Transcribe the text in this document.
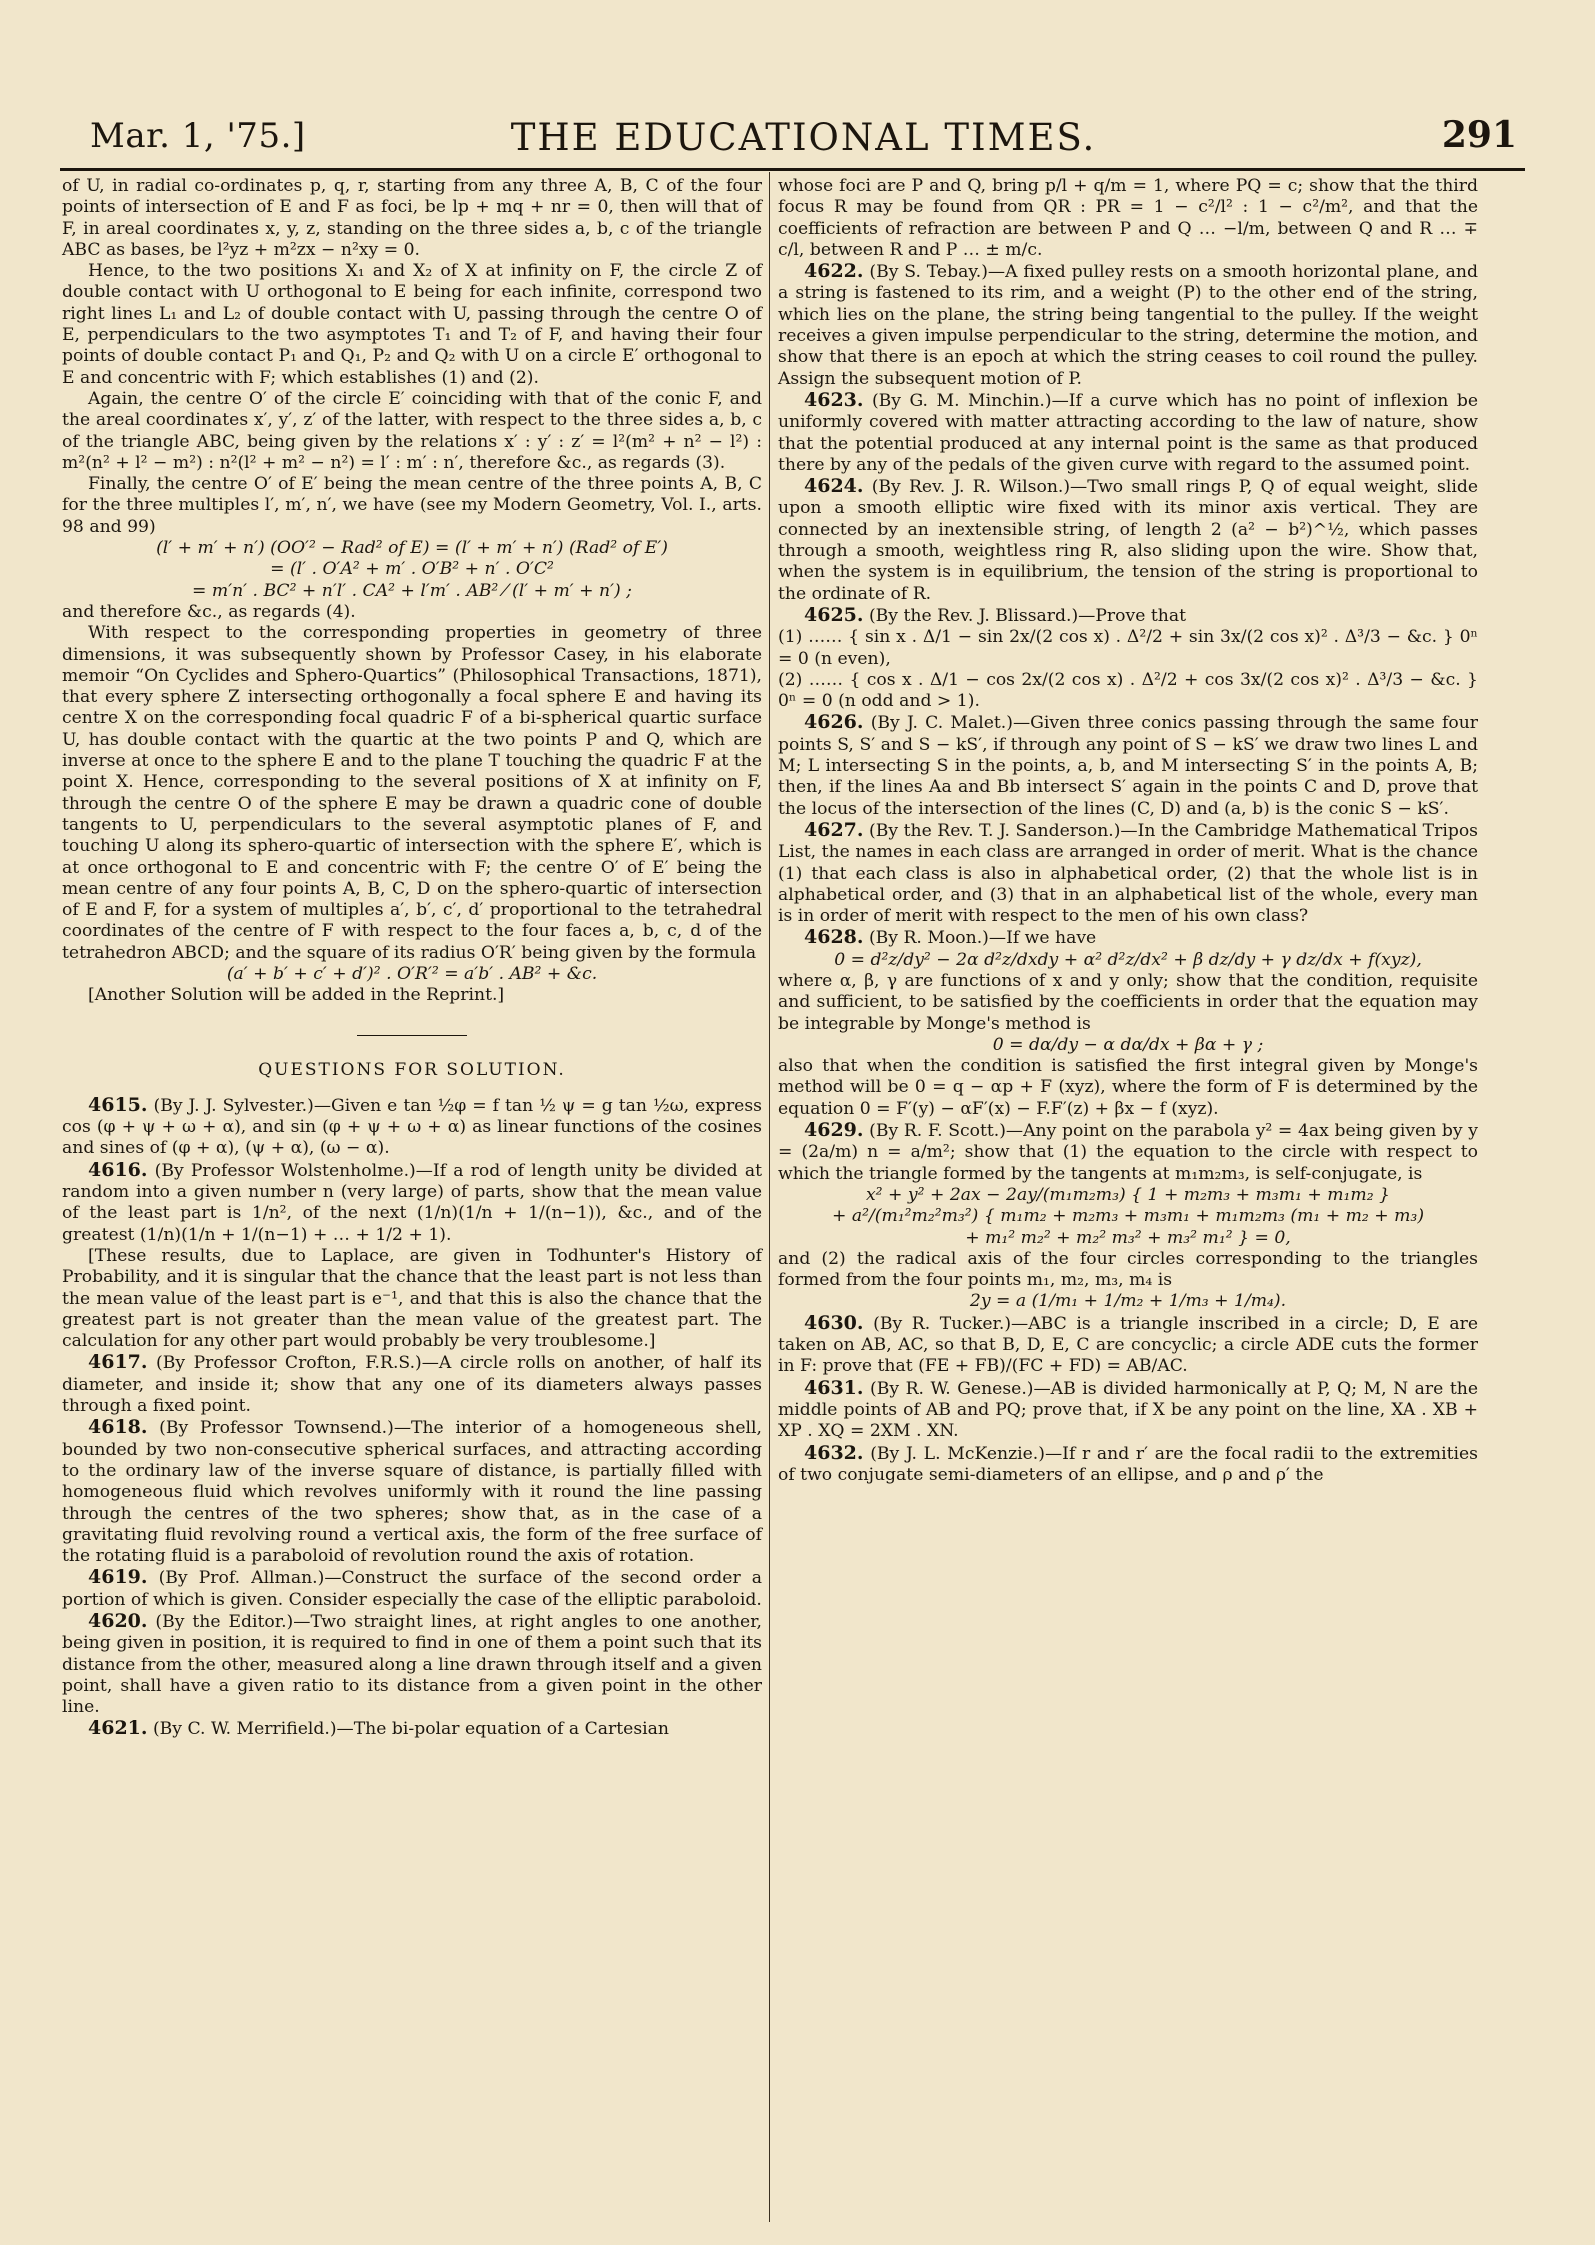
Mar. 1, '75.]	THE EDUCATIONAL TIMES.	291

of U, in radial co-ordinates p, q, r, starting from any three A, B, C of the four points of intersection of E and F as foci, be lp + mq + nr = 0, then will that of F, in areal coordinates x, y, z, standing on the three sides a, b, c of the triangle ABC as bases, be l²yz + m²zx − n²xy = 0.

Hence, to the two positions X₁ and X₂ of X at infinity on F, the circle Z of double contact with U orthogonal to E being for each infinite, correspond two right lines L₁ and L₂ of double contact with U, passing through the centre O of E, perpendiculars to the two asymptotes T₁ and T₂ of F, and having their four points of double contact P₁ and Q₁, P₂ and Q₂ with U on a circle E′ orthogonal to E and concentric with F; which establishes (1) and (2).

Again, the centre O′ of the circle E′ coinciding with that of the conic F, and the areal coordinates x′, y′, z′ of the latter, with respect to the three sides a, b, c of the triangle ABC, being given by the relations x′ : y′ : z′ = l²(m² + n² − l²) : m²(n² + l² − m²) : n²(l² + m² − n²) = l′ : m′ : n′, therefore &c., as regards (3).

Finally, the centre O′ of E′ being the mean centre of the three points A, B, C for the three multiples l′, m′, n′, we have (see my Modern Geometry, Vol. I., arts. 98 and 99)

(l′ + m′ + n′) (OO′² − Rad² of E) = (l′ + m′ + n′) (Rad² of E′)

= (l′ . O′A² + m′ . O′B² + n′ . O′C²

= m′n′ . BC² + n′l′ . CA² + l′m′ . AB² ⁄ (l′ + m′ + n′) ;

and therefore &c., as regards (4).

With respect to the corresponding properties in geometry of three dimensions, it was subsequently shown by Professor Casey, in his elaborate memoir “On Cyclides and Sphero-Quartics” (Philosophical Transactions, 1871), that every sphere Z intersecting orthogonally a focal sphere E and having its centre X on the corresponding focal quadric F of a bi-spherical quartic surface U, has double contact with the quartic at the two points P and Q, which are inverse at once to the sphere E and to the plane T touching the quadric F at the point X. Hence, corresponding to the several positions of X at infinity on F, through the centre O of the sphere E may be drawn a quadric cone of double tangents to U, perpendiculars to the several asymptotic planes of F, and touching U along its sphero-quartic of intersection with the sphere E′, which is at once orthogonal to E and concentric with F; the centre O′ of E′ being the mean centre of any four points A, B, C, D on the sphero-quartic of intersection of E and F, for a system of multiples a′, b′, c′, d′ proportional to the tetrahedral coordinates of the centre of F with respect to the four faces a, b, c, d of the tetrahedron ABCD; and the square of its radius O′R′ being given by the formula

(a′ + b′ + c′ + d′)² . O′R′² = a′b′ . AB² + &c.

[Another Solution will be added in the Reprint.]

QUESTIONS FOR SOLUTION.

4615. (By J. J. Sylvester.)—Given e tan ½φ = f tan ½ ψ = g tan ½ω, express cos (φ + ψ + ω + α), and sin (φ + ψ + ω + α) as linear functions of the cosines and sines of (φ + α), (ψ + α), (ω − α).

4616. (By Professor Wolstenholme.)—If a rod of length unity be divided at random into a given number n (very large) of parts, show that the mean value of the least part is 1/n², of the next (1/n)(1/n + 1/(n−1)), &c., and of the greatest (1/n)(1/n + 1/(n−1) + … + 1/2 + 1).

[These results, due to Laplace, are given in Todhunter's History of Probability, and it is singular that the chance that the least part is not less than the mean value of the least part is e⁻¹, and that this is also the chance that the greatest part is not greater than the mean value of the greatest part. The calculation for any other part would probably be very troublesome.]

4617. (By Professor Crofton, F.R.S.)—A circle rolls on another, of half its diameter, and inside it; show that any one of its diameters always passes through a fixed point.

4618. (By Professor Townsend.)—The interior of a homogeneous shell, bounded by two non-consecutive spherical surfaces, and attracting according to the ordinary law of the inverse square of distance, is partially filled with homogeneous fluid which revolves uniformly with it round the line passing through the centres of the two spheres; show that, as in the case of a gravitating fluid revolving round a vertical axis, the form of the free surface of the rotating fluid is a paraboloid of revolution round the axis of rotation.

4619. (By Prof. Allman.)—Construct the surface of the second order a portion of which is given. Consider especially the case of the elliptic paraboloid.

4620. (By the Editor.)—Two straight lines, at right angles to one another, being given in position, it is required to find in one of them a point such that its distance from the other, measured along a line drawn through itself and a given point, shall have a given ratio to its distance from a given point in the other line.

4621. (By C. W. Merrifield.)—The bi-polar equation of a Cartesian

whose foci are P and Q, bring p/l + q/m = 1, where PQ = c; show that the third focus R may be found from QR : PR = 1 − c²/l² : 1 − c²/m², and that the coefficients of refraction are between P and Q … −l/m, between Q and R … ∓ c/l, between R and P … ± m/c.

4622. (By S. Tebay.)—A fixed pulley rests on a smooth horizontal plane, and a string is fastened to its rim, and a weight (P) to the other end of the string, which lies on the plane, the string being tangential to the pulley. If the weight receives a given impulse perpendicular to the string, determine the motion, and show that there is an epoch at which the string ceases to coil round the pulley. Assign the subsequent motion of P.

4623. (By G. M. Minchin.)—If a curve which has no point of inflexion be uniformly covered with matter attracting according to the law of nature, show that the potential produced at any internal point is the same as that produced there by any of the pedals of the given curve with regard to the assumed point.

4624. (By Rev. J. R. Wilson.)—Two small rings P, Q of equal weight, slide upon a smooth elliptic wire fixed with its minor axis vertical. They are connected by an inextensible string, of length 2 (a² − b²)^½, which passes through a smooth, weightless ring R, also sliding upon the wire. Show that, when the system is in equilibrium, the tension of the string is proportional to the ordinate of R.

4625. (By the Rev. J. Blissard.)—Prove that

(1) …… { sin x . Δ/1 − sin 2x/(2 cos x) . Δ²/2 + sin 3x/(2 cos x)² . Δ³/3 − &c. } 0ⁿ = 0 (n even),

(2) …… { cos x . Δ/1 − cos 2x/(2 cos x) . Δ²/2 + cos 3x/(2 cos x)² . Δ³/3 − &c. } 0ⁿ = 0 (n odd and > 1).

4626. (By J. C. Malet.)—Given three conics passing through the same four points S, S′ and S − kS′, if through any point of S − kS′ we draw two lines L and M; L intersecting S in the points, a, b, and M intersecting S′ in the points A, B; then, if the lines Aa and Bb intersect S′ again in the points C and D, prove that the locus of the intersection of the lines (C, D) and (a, b) is the conic S − kS′.

4627. (By the Rev. T. J. Sanderson.)—In the Cambridge Mathematical Tripos List, the names in each class are arranged in order of merit. What is the chance (1) that each class is also in alphabetical order, (2) that the whole list is in alphabetical order, and (3) that in an alphabetical list of the whole, every man is in order of merit with respect to the men of his own class?

4628. (By R. Moon.)—If we have

0 = d²z/dy² − 2α d²z/dxdy + α² d²z/dx² + β dz/dy + γ dz/dx + f(xyz),

where α, β, γ are functions of x and y only; show that the condition, requisite and sufficient, to be satisfied by the coefficients in order that the equation may be integrable by Monge's method is

0 = dα/dy − α dα/dx + βα + γ ;

also that when the condition is satisfied the first integral given by Monge's method will be 0 = q − αp + F (xyz), where the form of F is determined by the equation 0 = F′(y) − αF′(x) − F.F′(z) + βx − f (xyz).

4629. (By R. F. Scott.)—Any point on the parabola y² = 4ax being given by y = (2a/m) n = a/m²; show that (1) the equation to the circle with respect to which the triangle formed by the tangents at m₁m₂m₃, is self-conjugate, is

x² + y² + 2ax − 2ay/(m₁m₂m₃) { 1 + m₂m₃ + m₃m₁ + m₁m₂ }

+ a²/(m₁²m₂²m₃²) { m₁m₂ + m₂m₃ + m₃m₁ + m₁m₂m₃ (m₁ + m₂ + m₃)

+ m₁² m₂² + m₂² m₃² + m₃² m₁² } = 0,

and (2) the radical axis of the four circles corresponding to the triangles formed from the four points m₁, m₂, m₃, m₄ is

2y = a (1/m₁ + 1/m₂ + 1/m₃ + 1/m₄).

4630. (By R. Tucker.)—ABC is a triangle inscribed in a circle; D, E are taken on AB, AC, so that B, D, E, C are concyclic; a circle ADE cuts the former in F: prove that (FE + FB)/(FC + FD) = AB/AC.

4631. (By R. W. Genese.)—AB is divided harmonically at P, Q; M, N are the middle points of AB and PQ; prove that, if X be any point on the line, XA . XB + XP . XQ = 2XM . XN.

4632. (By J. L. McKenzie.)—If r and r′ are the focal radii to the extremities of two conjugate semi-diameters of an ellipse, and ρ and ρ′ the
